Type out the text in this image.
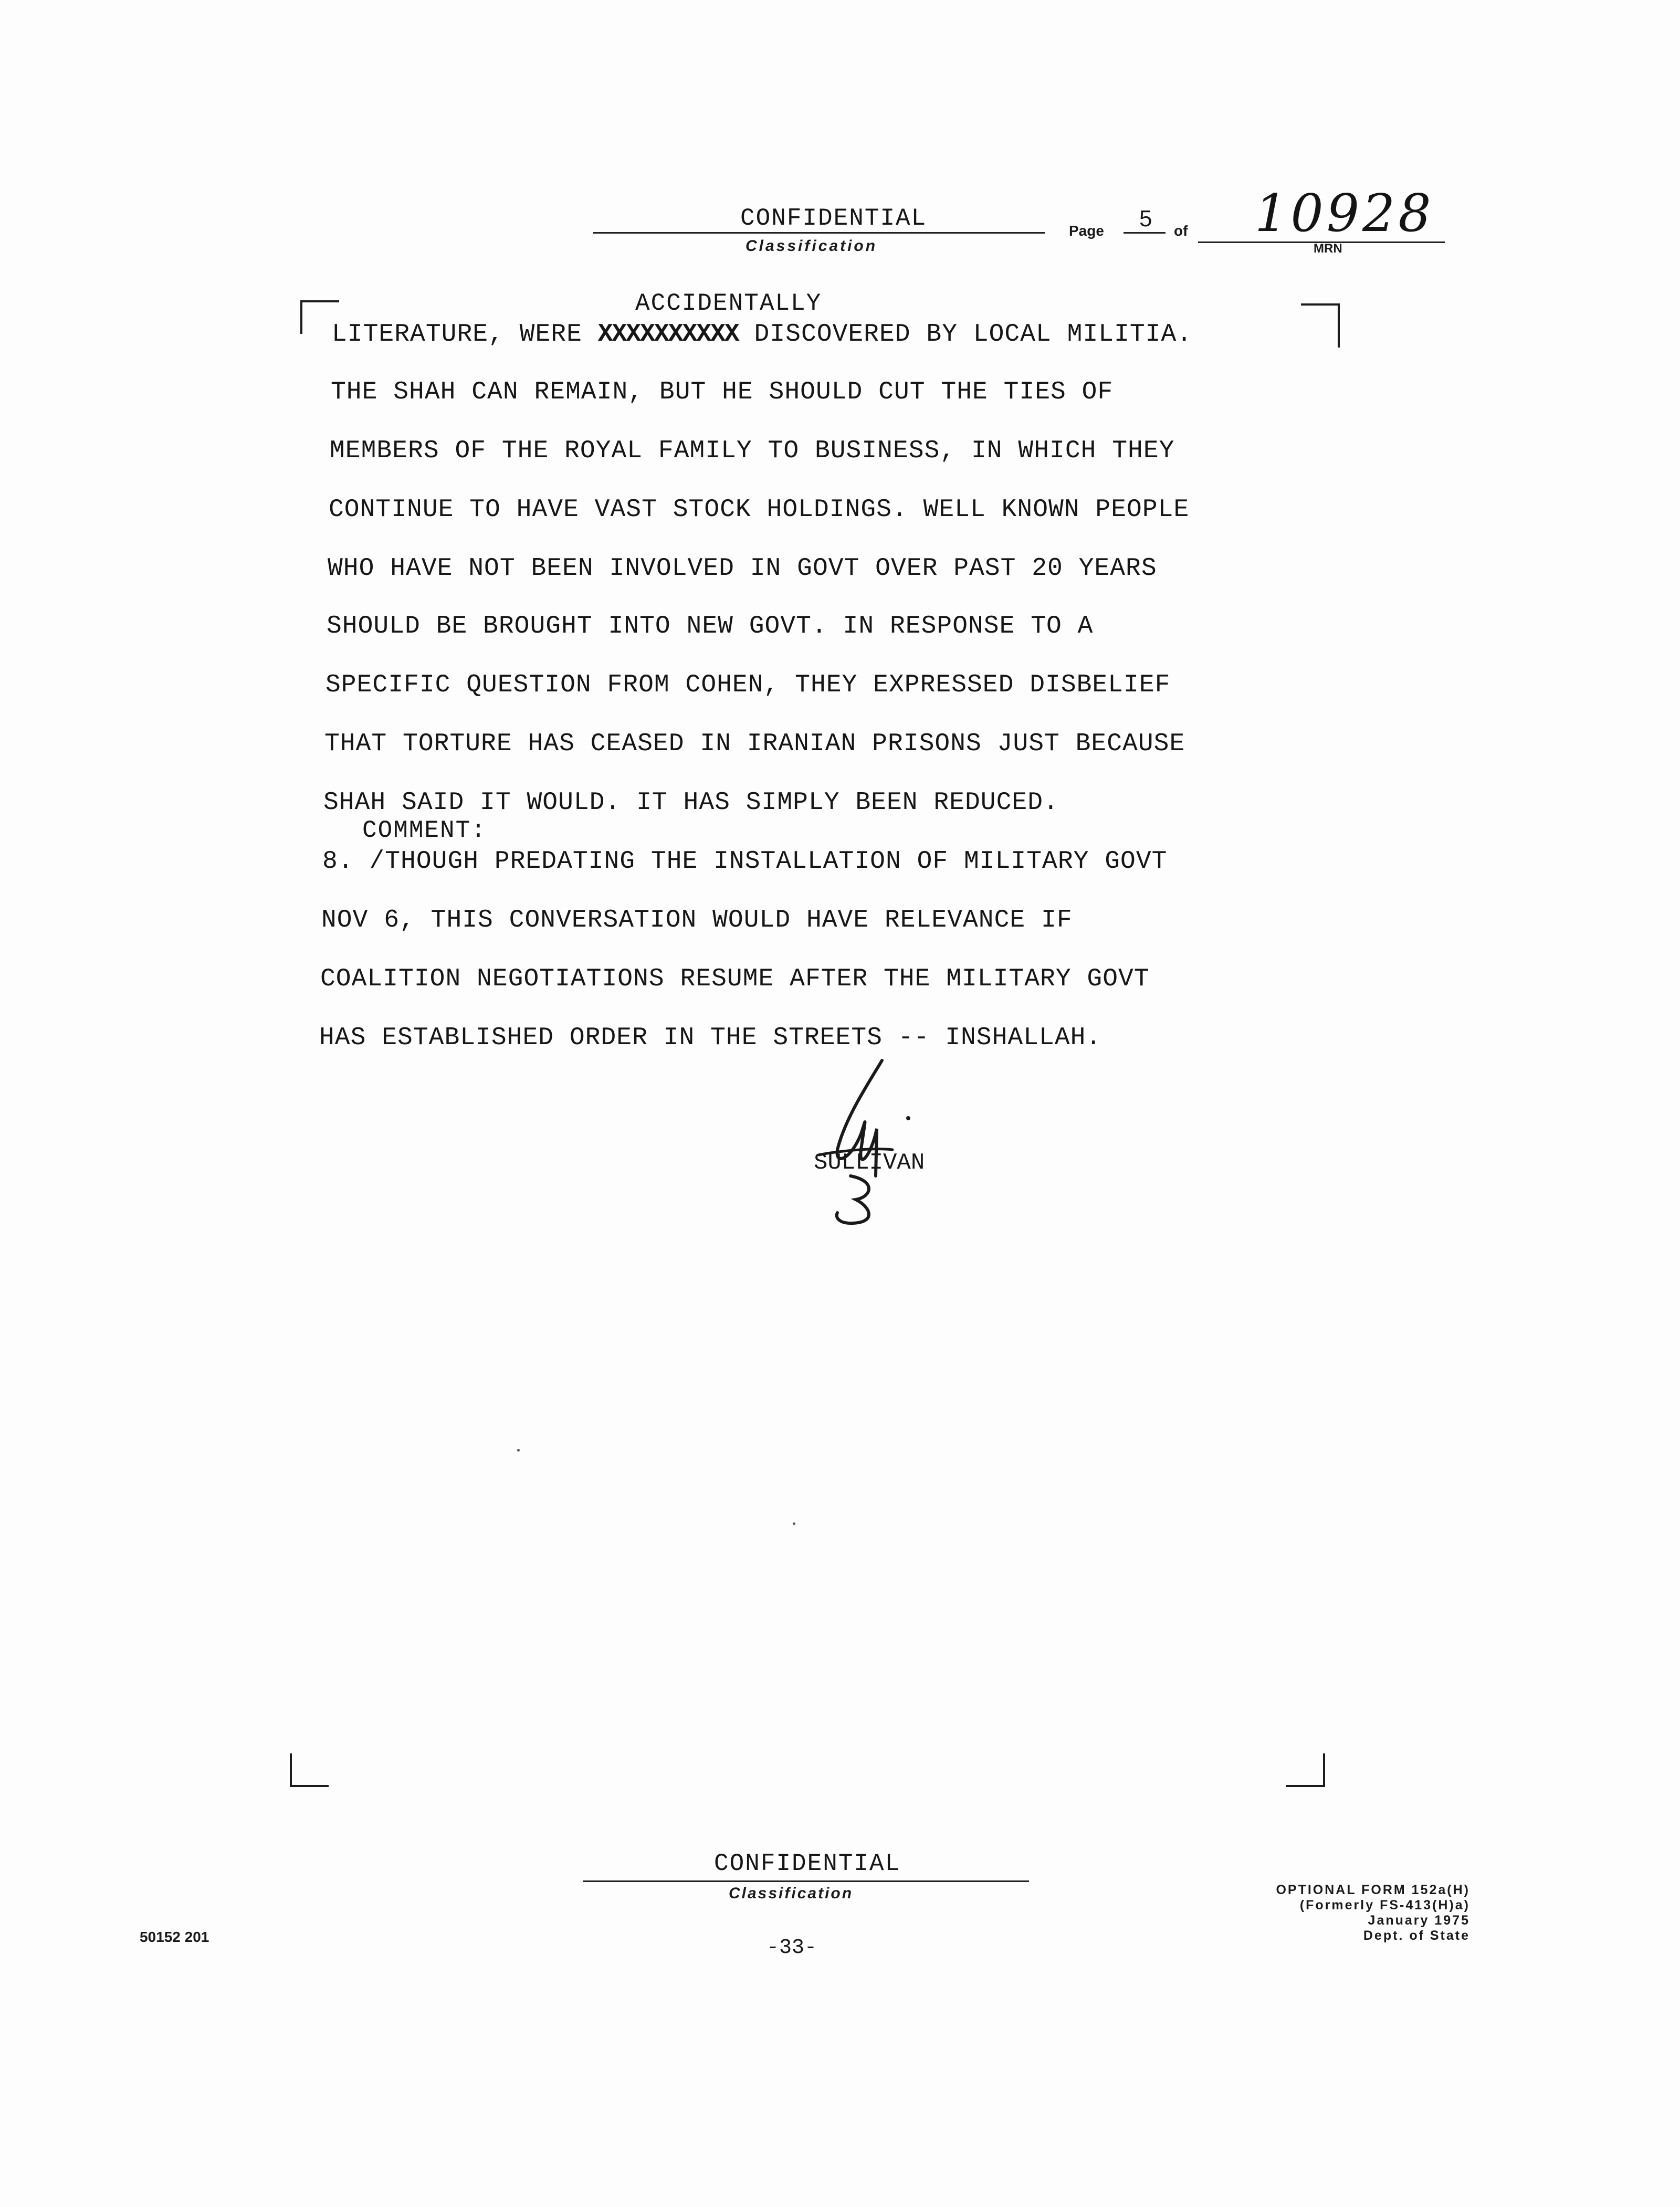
CONFIDENTIAL
Classification
Page 5 of 10928
MRN
ACCIDENTALLY
LITERATURE, WERE XXXXXXXXXX DISCOVERED BY LOCAL MILITIA.
THE SHAH CAN REMAIN, BUT HE SHOULD CUT THE TIES OF
MEMBERS OF THE ROYAL FAMILY TO BUSINESS, IN WHICH THEY
CONTINUE TO HAVE VAST STOCK HOLDINGS. WELL KNOWN PEOPLE
WHO HAVE NOT BEEN INVOLVED IN GOVT OVER PAST 20 YEARS
SHOULD BE BROUGHT INTO NEW GOVT. IN RESPONSE TO A
SPECIFIC QUESTION FROM COHEN, THEY EXPRESSED DISBELIEF
THAT TORTURE HAS CEASED IN IRANIAN PRISONS JUST BECAUSE
SHAH SAID IT WOULD. IT HAS SIMPLY BEEN REDUCED.
COMMENT:
8. /THOUGH PREDATING THE INSTALLATION OF MILITARY GOVT
NOV 6, THIS CONVERSATION WOULD HAVE RELEVANCE IF
COALITION NEGOTIATIONS RESUME AFTER THE MILITARY GOVT
HAS ESTABLISHED ORDER IN THE STREETS -- INSHALLAH.
SULLIVAN
CONFIDENTIAL
Classification
-33-
50152 201
OPTIONAL FORM 152a(H)
(Formerly FS-413(H)a)
January 1975
Dept. of State
